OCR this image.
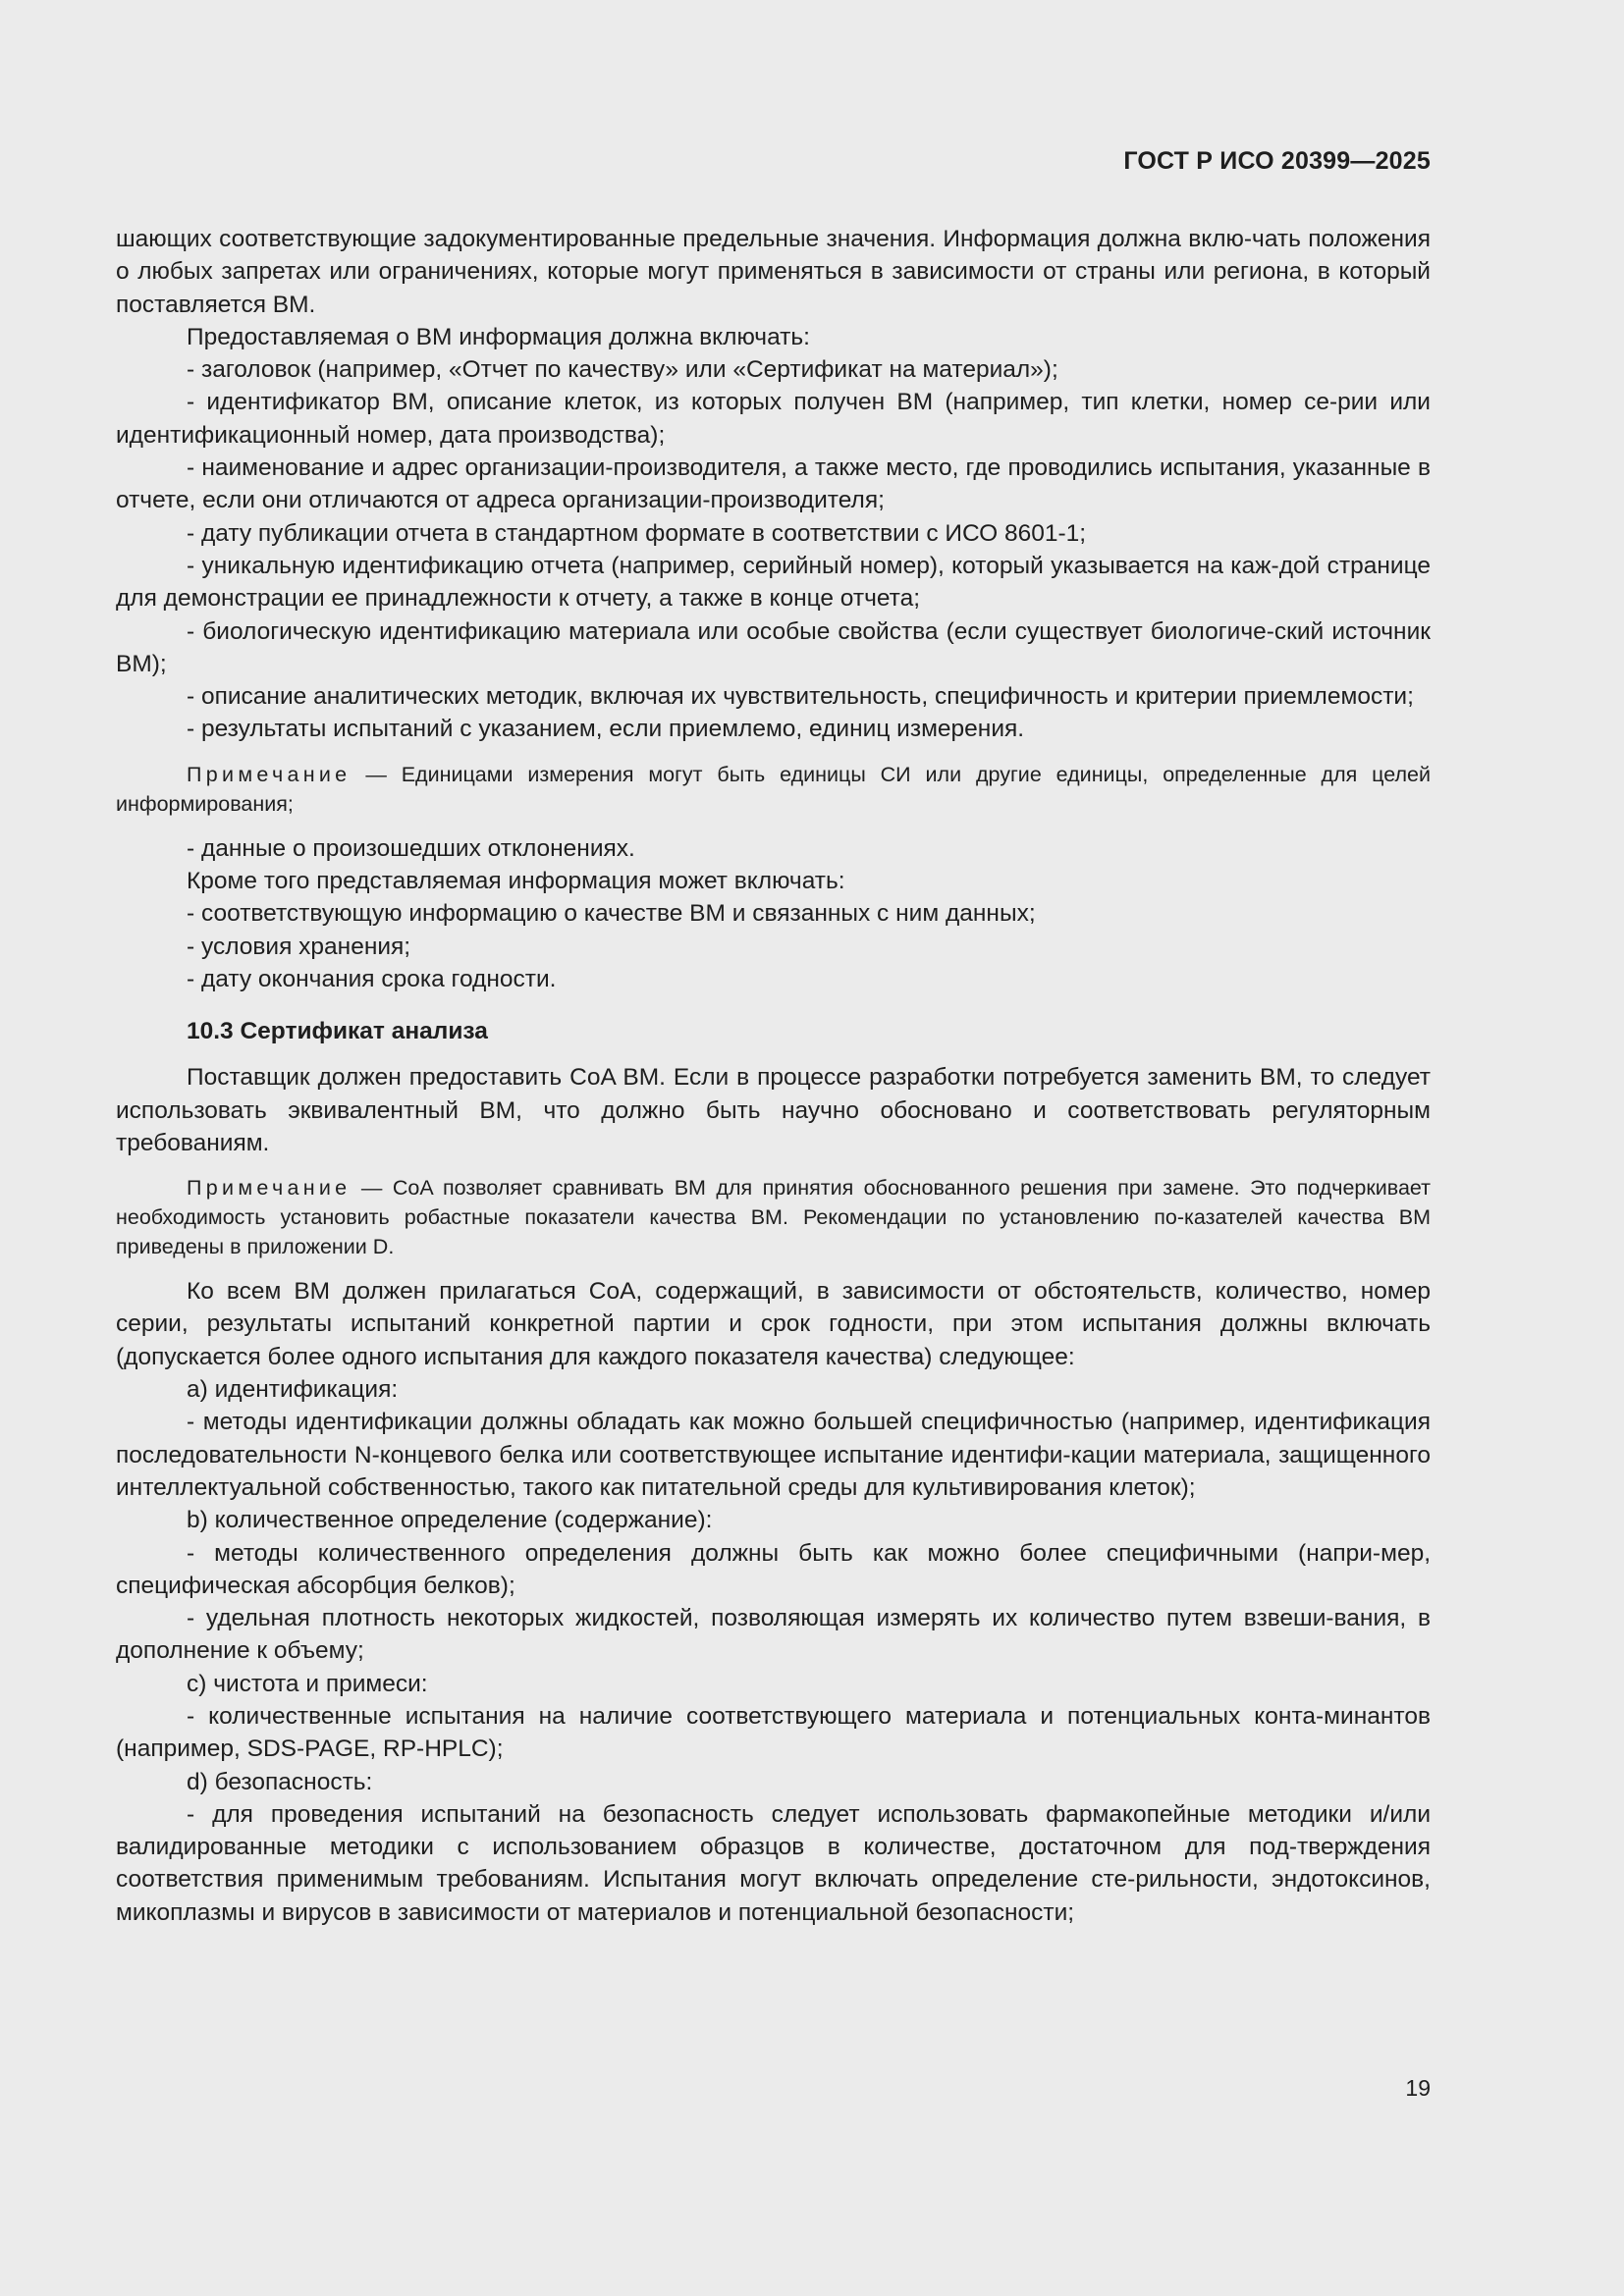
ГОСТ Р ИСО 20399—2025

шающих соответствующие задокументированные предельные значения. Информация должна вклю-чать положения о любых запретах или ограничениях, которые могут применяться в зависимости от страны или региона, в который поставляется ВМ.

Предоставляемая о ВМ информация должна включать:

- заголовок (например, «Отчет по качеству» или «Сертификат на материал»);

- идентификатор ВМ, описание клеток, из которых получен ВМ (например, тип клетки, номер се-рии или идентификационный номер, дата производства);

- наименование и адрес организации-производителя, а также место, где проводились испытания, указанные в отчете, если они отличаются от адреса организации-производителя;

- дату публикации отчета в стандартном формате в соответствии с ИСО 8601-1;

- уникальную идентификацию отчета (например, серийный номер), который указывается на каж-дой странице для демонстрации ее принадлежности к отчету, а также в конце отчета;

- биологическую идентификацию материала или особые свойства (если существует биологиче-ский источник ВМ);

- описание аналитических методик, включая их чувствительность, специфичность и критерии приемлемости;

- результаты испытаний с указанием, если приемлемо, единиц измерения.

Примечание — Единицами измерения могут быть единицы СИ или другие единицы, определенные для целей информирования;

- данные о произошедших отклонениях.

Кроме того представляемая информация может включать:

- соответствующую информацию о качестве ВМ и связанных с ним данных;

- условия хранения;

- дату окончания срока годности.

10.3 Сертификат анализа

Поставщик должен предоставить CoA ВМ. Если в процессе разработки потребуется заменить ВМ, то следует использовать эквивалентный ВМ, что должно быть научно обосновано и соответствовать регуляторным требованиям.

Примечание — CoA позволяет сравнивать ВМ для принятия обоснованного решения при замене. Это подчеркивает необходимость установить робастные показатели качества ВМ. Рекомендации по установлению по-казателей качества ВМ приведены в приложении D.

Ко всем ВМ должен прилагаться CoA, содержащий, в зависимости от обстоятельств, количество, номер серии, результаты испытаний конкретной партии и срок годности, при этом испытания должны включать (допускается более одного испытания для каждого показателя качества) следующее:

a) идентификация:

- методы идентификации должны обладать как можно большей специфичностью (например, идентификация последовательности N-концевого белка или соответствующее испытание идентифи-кации материала, защищенного интеллектуальной собственностью, такого как питательной среды для культивирования клеток);

b) количественное определение (содержание):

- методы количественного определения должны быть как можно более специфичными (напри-мер, специфическая абсорбция белков);

- удельная плотность некоторых жидкостей, позволяющая измерять их количество путем взвеши-вания, в дополнение к объему;

c) чистота и примеси:

- количественные испытания на наличие соответствующего материала и потенциальных конта-минантов (например, SDS-PAGE, RP-HPLC);

d) безопасность:

- для проведения испытаний на безопасность следует использовать фармакопейные методики и/или валидированные методики с использованием образцов в количестве, достаточном для под-тверждения соответствия применимым требованиям. Испытания могут включать определение сте-рильности, эндотоксинов, микоплазмы и вирусов в зависимости от материалов и потенциальной безопасности;

19
